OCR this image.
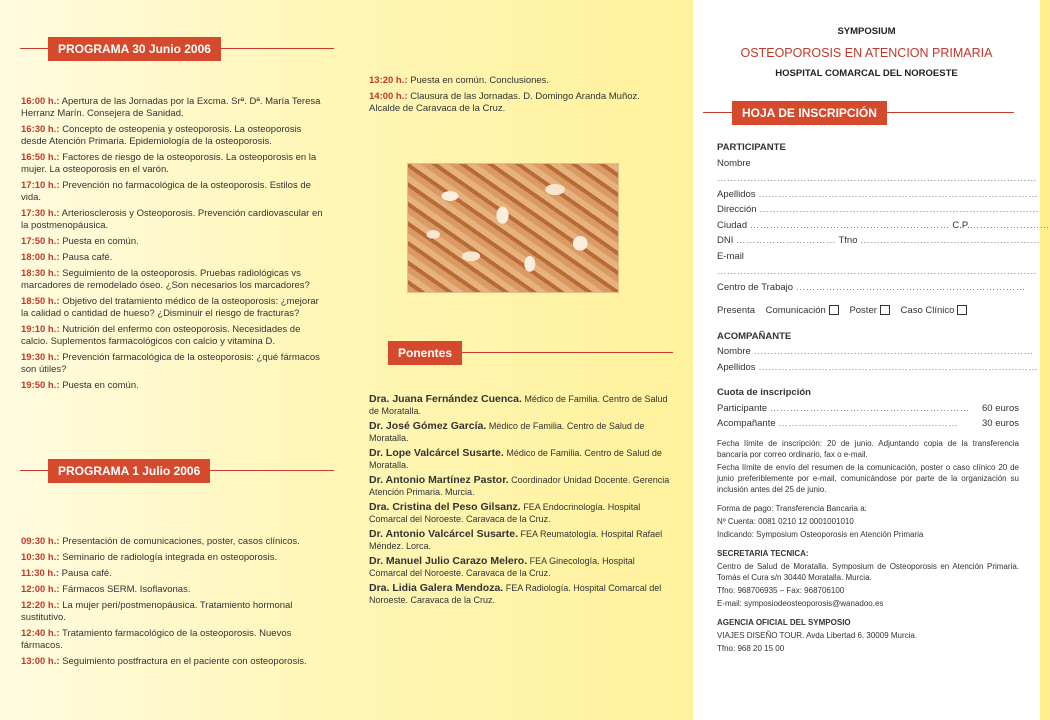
PROGRAMA 30 Junio 2006

16:00 h.: Apertura de las Jornadas por la Excma. Srª. Dª. María Teresa Herranz Marín. Consejera de Sanidad.

16:30 h.: Concepto de osteopenia y osteoporosis. La osteoporosis desde Atención Primaria. Epidemiología de la osteoporosis.

16:50 h.: Factores de riesgo de la osteoporosis. La osteoporosis en la mujer. La osteoporosis en el varón.

17:10 h.: Prevención no farmacológica de la osteoporosis. Estilos de vida.

17:30 h.: Arteriosclerosis y Osteoporosis. Prevención cardiovascular en la postmenopáusica.

17:50 h.: Puesta en común.

18:00 h.: Pausa café.

18:30 h.: Seguimiento de la osteoporosis. Pruebas radiológicas vs marcadores de remodelado óseo. ¿Son necesarios los marcadores?

18:50 h.: Objetivo del tratamiento médico de la osteoporosis: ¿mejorar la calidad o cantidad de hueso? ¿Disminuir el riesgo de fracturas?

19:10 h.: Nutrición del enfermo con osteoporosis. Necesidades de calcio. Suplementos farmacológicos con calcio y vitamina D.

19:30 h.: Prevención farmacológica de la osteoporosis: ¿qué fármacos son útiles?

19:50 h.: Puesta en común.

PROGRAMA 1 Julio 2006

09:30 h.: Presentación de comunicaciones, poster, casos clínicos.

10:30 h.: Seminario de radiología integrada en osteoporosis.

11:30 h.: Pausa café.

12:00 h.: Fármacos SERM. Isoflavonas.

12:20 h.: La mujer peri/postmenopáusica. Tratamiento hormonal sustitutivo.

12:40 h.: Tratamiento farmacológico de la osteoporosis. Nuevos fármacos.

13:00 h.: Seguimiento postfractura en el paciente con osteoporosis.

13:20 h.: Puesta en común. Conclusiones.

14:00 h.: Clausura de las Jornadas. D. Domingo Aranda Muñoz. Alcalde de Caravaca de la Cruz.

Ponentes

Dra. Juana Fernández Cuenca. Médico de Familia. Centro de Salud de Moratalla.

Dr. José Gómez García. Médico de Familia. Centro de Salud de Moratalla.

Dr. Lope Valcárcel Susarte. Médico de Familia. Centro de Salud de Moratalla.

Dr. Antonio Martínez Pastor. Coordinador Unidad Docente. Gerencia Atención Primaria. Murcia.

Dra. Cristina del Peso Gilsanz. FEA Endocrinología. Hospital Comarcal del Noroeste. Caravaca de la Cruz.

Dr. Antonio Valcárcel Susarte. FEA Reumatología. Hospital Rafael Méndez. Lorca.

Dr. Manuel Julio Carazo Melero. FEA Ginecología. Hospital Comarcal del Noroeste. Caravaca de la Cruz.

Dra. Lidia Galera Mendoza. FEA Radiología. Hospital Comarcal del Noroeste. Caravaca de la Cruz.

SYMPOSIUM
OSTEOPOROSIS EN ATENCION PRIMARIA
HOSPITAL COMARCAL DEL NOROESTE
HOJA DE INSCRIPCIÓN
PARTICIPANTE
Nombre
……………………………………………………………………………………
Apellidos …………………………………………………………………………
Dirección …………………………………………………………………………
Ciudad …………………………………………………… C.P.……………………
DNI ………………………… Tfno ………………………………………………
E-mail
……………………………………………………………………………………
Centro de Trabajo ……………………………………………………………
Presenta Comunicación Poster Caso Clínico
ACOMPAÑANTE
Nombre …………………………………………………………………………
Apellidos …………………………………………………………………………
Cuota de inscripción
Participante …………………………………………………… 60 euros
Acompañante ………………………………………………	30 euros

Fecha límite de inscripción: 20 de junio. Adjuntando copia de la transferencia bancaria por correo ordinario, fax o e-mail.

Fecha límite de envío del resumen de la comunicación, poster o caso clínico 20 de junio preferiblemente por e-mail, comunicándose por parte de la organización su inclusión antes del 25 de junio.

Forma de pago: Transferencia Bancaria a:

Nº Cuenta: 0081 0210 12 0001001010

Indicando: Symposium Osteoporosis en Atención Primaria

SECRETARIA TECNICA:

Centro de Salud de Moratalla. Symposium de Osteoporosis en Atención Primaria. Tomás el Cura s/n 30440 Moratalla. Murcia.

Tfno: 968706935 – Fax: 968706100

E-mail: symposiodeosteoporosis@wanadoo.es

AGENCIA OFICIAL DEL SYMPOSIO

VIAJES DISEÑO TOUR. Avda Libertad 6. 30009 Murcia.

Tfno: 968 20 15 00
